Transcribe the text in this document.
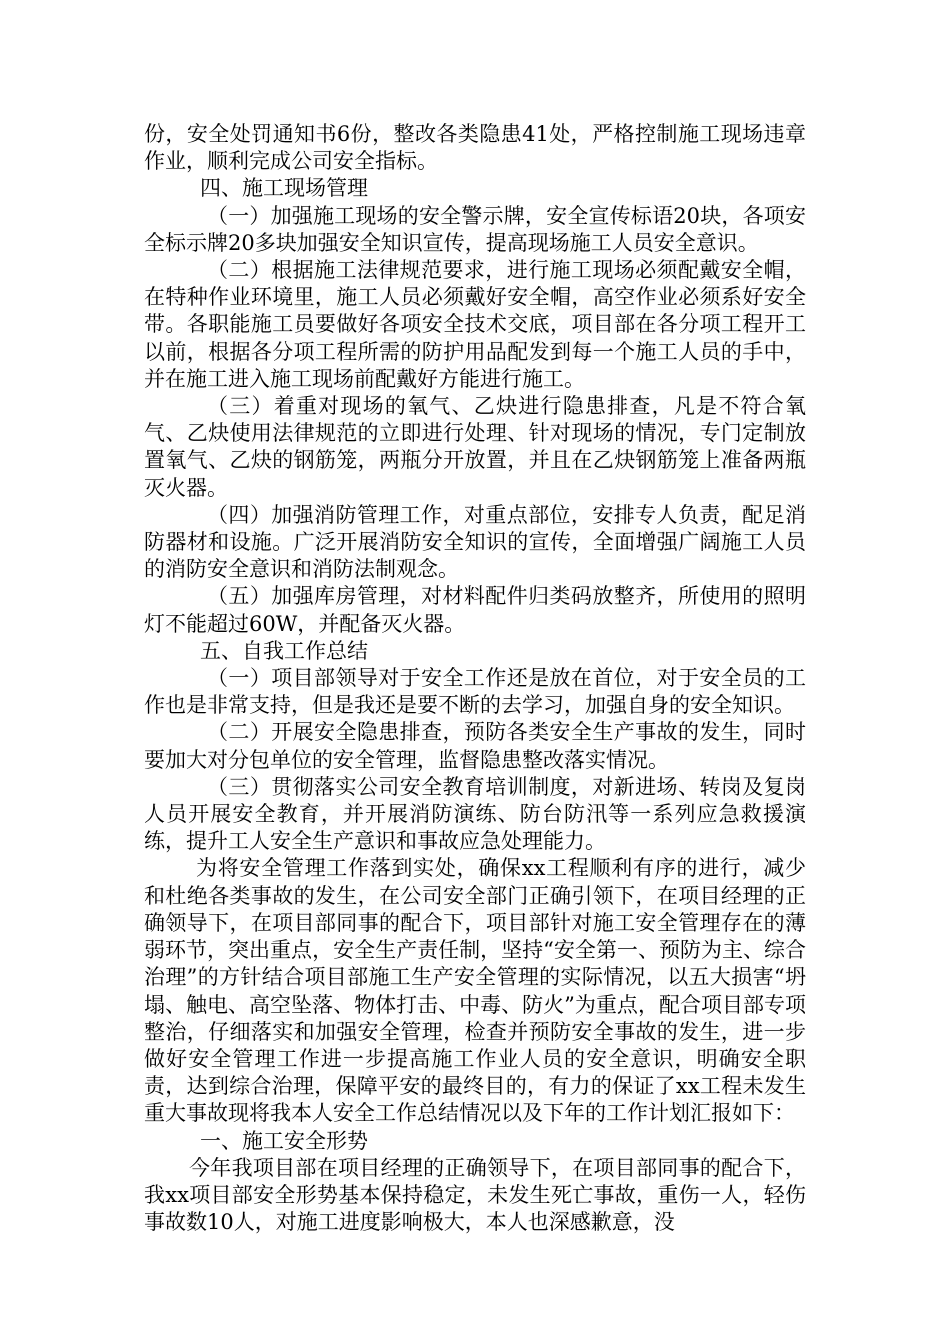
份，安全处罚通知书6份，整改各类隐患41处，严格控制施工现场违章作业，顺利完成公司安全指标。

四、施工现场管理

（一）加强施工现场的安全警示牌，安全宣传标语20块，各项安全标示牌20多块加强安全知识宣传，提高现场施工人员安全意识。

（二）根据施工法律规范要求，进行施工现场必须配戴安全帽，在特种作业环境里，施工人员必须戴好安全帽，高空作业必须系好安全带。各职能施工员要做好各项安全技术交底，项目部在各分项工程开工以前，根据各分项工程所需的防护用品配发到每一个施工人员的手中，并在施工进入施工现场前配戴好方能进行施工。

（三）着重对现场的氧气、乙炔进行隐患排查，凡是不符合氧气、乙炔使用法律规范的立即进行处理、针对现场的情况，专门定制放置氧气、乙炔的钢筋笼，两瓶分开放置，并且在乙炔钢筋笼上准备两瓶灭火器。

（四）加强消防管理工作，对重点部位，安排专人负责，配足消防器材和设施。广泛开展消防安全知识的宣传，全面增强广阔施工人员的消防安全意识和消防法制观念。

（五）加强库房管理，对材料配件归类码放整齐，所使用的照明灯不能超过60W，并配备灭火器。

五、自我工作总结

（一）项目部领导对于安全工作还是放在首位，对于安全员的工作也是非常支持，但是我还是要不断的去学习，加强自身的安全知识。

（二）开展安全隐患排查，预防各类安全生产事故的发生，同时要加大对分包单位的安全管理，监督隐患整改落实情况。

（三）贯彻落实公司安全教育培训制度，对新进场、转岗及复岗人员开展安全教育，并开展消防演练、防台防汛等一系列应急救援演练，提升工人安全生产意识和事故应急处理能力。

为将安全管理工作落到实处，确保xx工程顺利有序的进行，减少和杜绝各类事故的发生，在公司安全部门正确引领下，在项目经理的正确领导下，在项目部同事的配合下，项目部针对施工安全管理存在的薄弱环节，突出重点，安全生产责任制，坚持“安全第一、预防为主、综合治理”的方针结合项目部施工生产安全管理的实际情况，以五大损害“坍塌、触电、高空坠落、物体打击、中毒、防火”为重点，配合项目部专项整治，仔细落实和加强安全管理，检查并预防安全事故的发生，进一步做好安全管理工作进一步提高施工作业人员的安全意识，明确安全职责，达到综合治理，保障平安的最终目的，有力的保证了xx工程未发生重大事故现将我本人安全工作总结情况以及下年的工作计划汇报如下：

一、施工安全形势

今年我项目部在项目经理的正确领导下，在项目部同事的配合下，我xx项目部安全形势基本保持稳定，未发生死亡事故，重伤一人，轻伤事故数10人，对施工进度影响极大，本人也深感歉意，没
